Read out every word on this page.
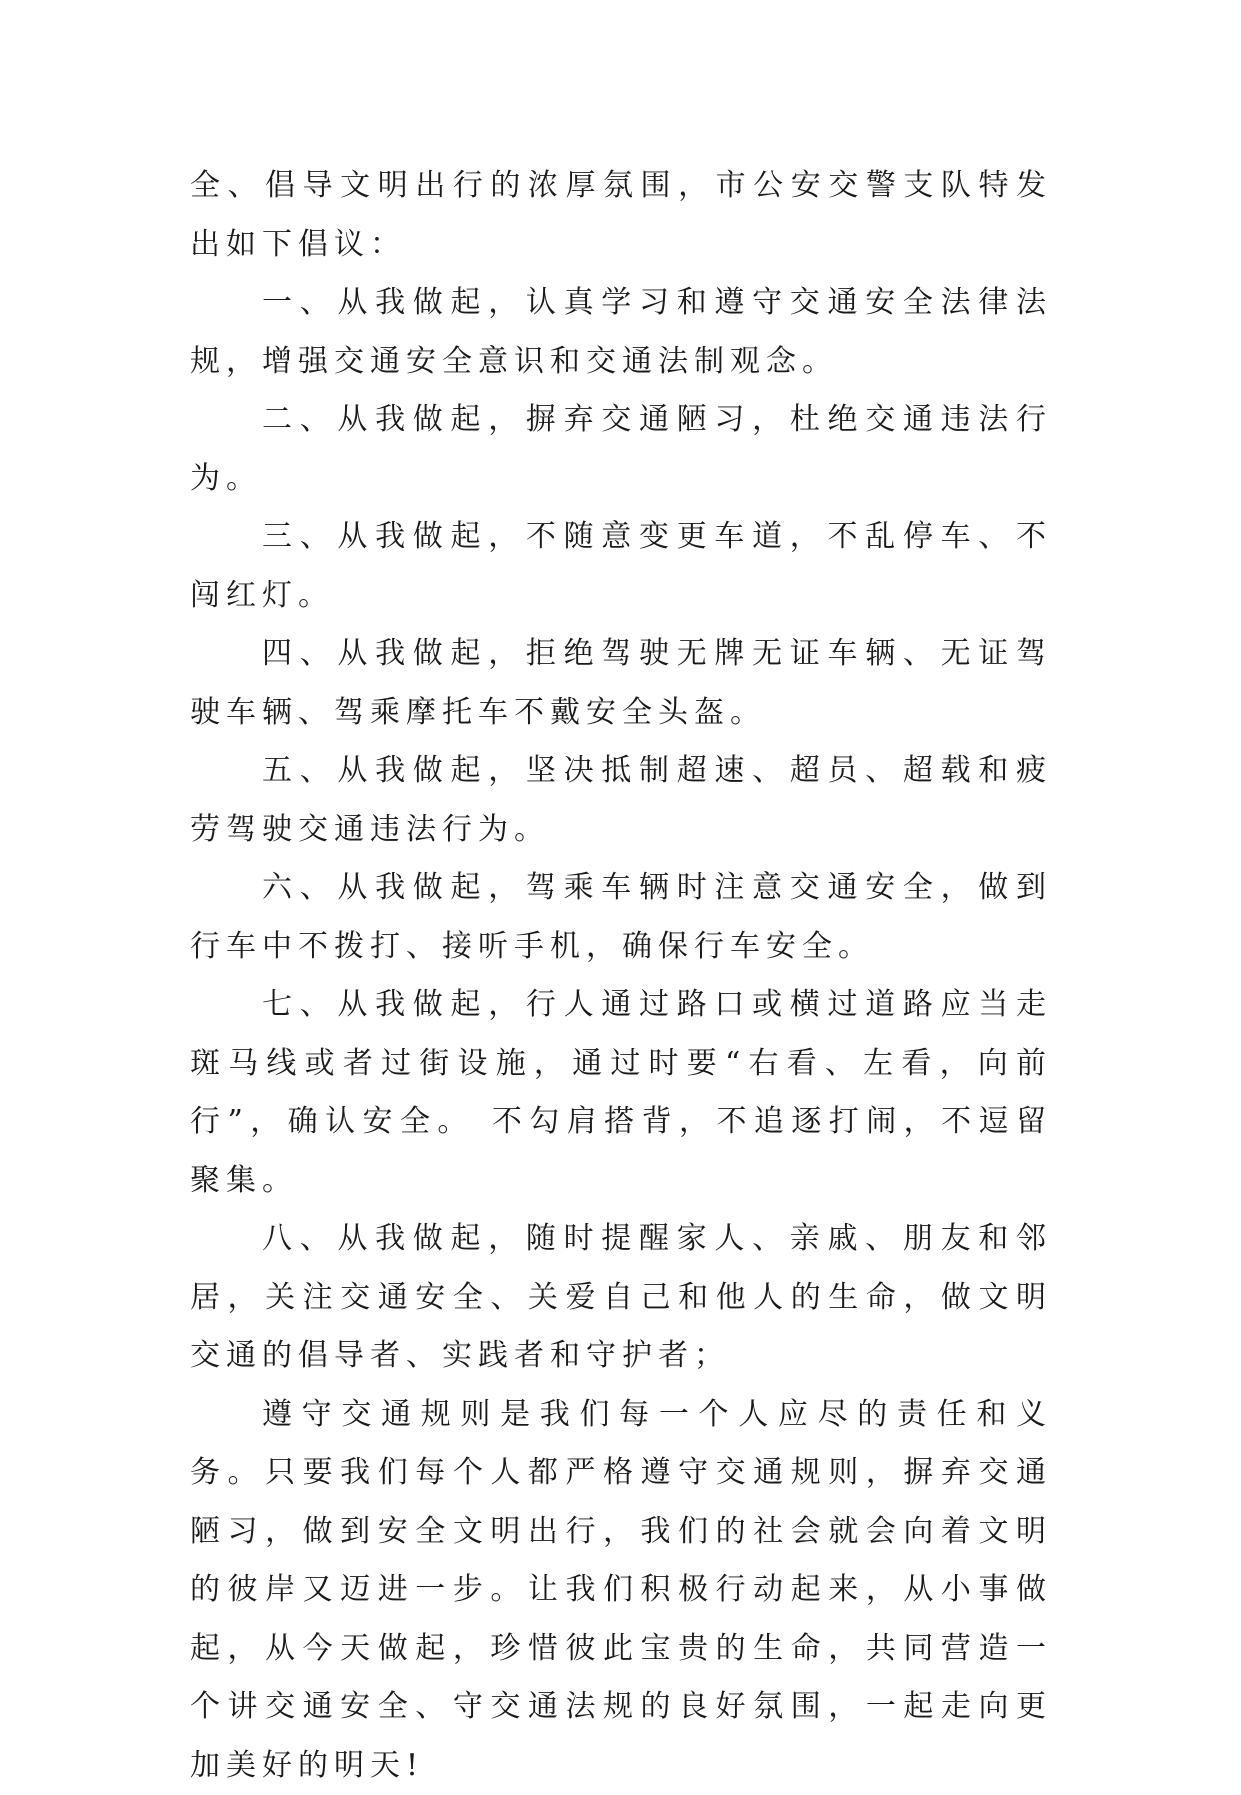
全、倡导文明出行的浓厚氛围，市公安交警支队特发出如下倡议：

一、从我做起，认真学习和遵守交通安全法律法规，增强交通安全意识和交通法制观念。

二、从我做起，摒弃交通陋习，杜绝交通违法行为。

三、从我做起，不随意变更车道，不乱停车、不闯红灯。

四、从我做起，拒绝驾驶无牌无证车辆、无证驾驶车辆、驾乘摩托车不戴安全头盔。

五、从我做起，坚决抵制超速、超员、超载和疲劳驾驶交通违法行为。

六、从我做起，驾乘车辆时注意交通安全，做到行车中不拨打、接听手机，确保行车安全。

七、从我做起，行人通过路口或横过道路应当走斑马线或者过街设施，通过时要“右看、左看，向前行”，确认安全。 不勾肩搭背，不追逐打闹，不逗留聚集。

八、从我做起，随时提醒家人、亲戚、朋友和邻居，关注交通安全、关爱自己和他人的生命，做文明交通的倡导者、实践者和守护者；

遵守交通规则是我们每一个人应尽的责任和义务。只要我们每个人都严格遵守交通规则，摒弃交通陋习，做到安全文明出行，我们的社会就会向着文明的彼岸又迈进一步。让我们积极行动起来，从小事做起，从今天做起，珍惜彼此宝贵的生命，共同营造一个讲交通安全、守交通法规的良好氛围，一起走向更加美好的明天!
